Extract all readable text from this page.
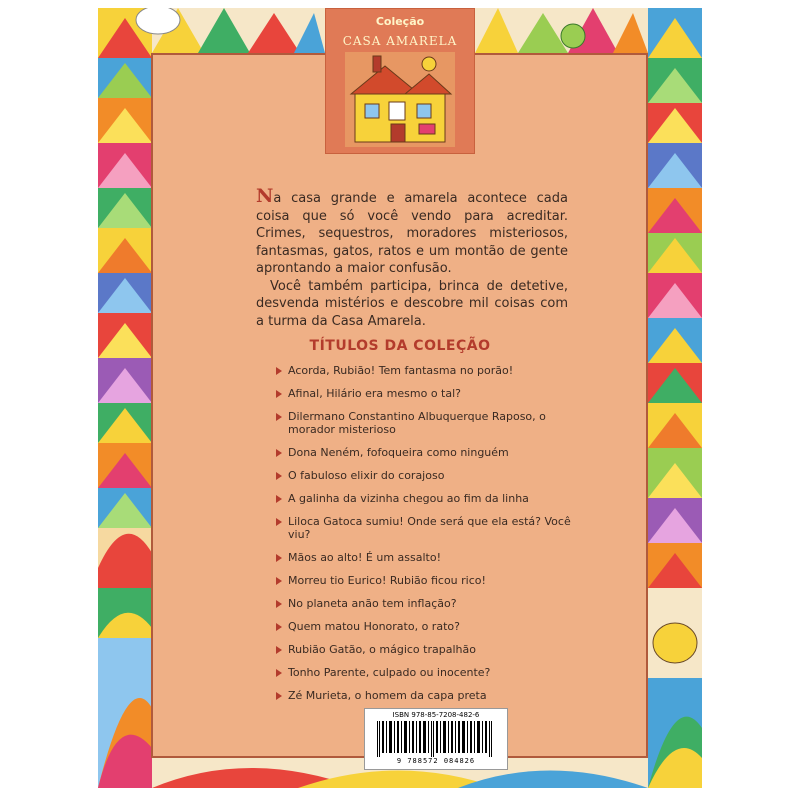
Coleção
CASA AMARELA

Na casa grande e amarela acontece cada coisa que só você vendo para acreditar. Crimes, sequestros, moradores misteriosos, fantasmas, gatos, ratos e um montão de gente aprontando a maior confusão.

Você também participa, brinca de detetive, desvenda mistérios e descobre mil coisas com a turma da Casa Amarela.

TÍTULOS DA COLEÇÃO
Acorda, Rubião! Tem fantasma no porão!
Afinal, Hilário era mesmo o tal?
Dilermano Constantino Albuquerque Raposo, o morador misterioso
Dona Neném, fofoqueira como ninguém
O fabuloso elixir do corajoso
A galinha da vizinha chegou ao fim da linha
Liloca Gatoca sumiu! Onde será que ela está? Você viu?
Mãos ao alto! É um assalto!
Morreu tio Eurico! Rubião ficou rico!
No planeta anão tem inflação?
Quem matou Honorato, o rato?
Rubião Gatão, o mágico trapalhão
Tonho Parente, culpado ou inocente?
Zé Murieta, o homem da capa preta
ISBN 978-85-7208-482-6
9 788572 084826
